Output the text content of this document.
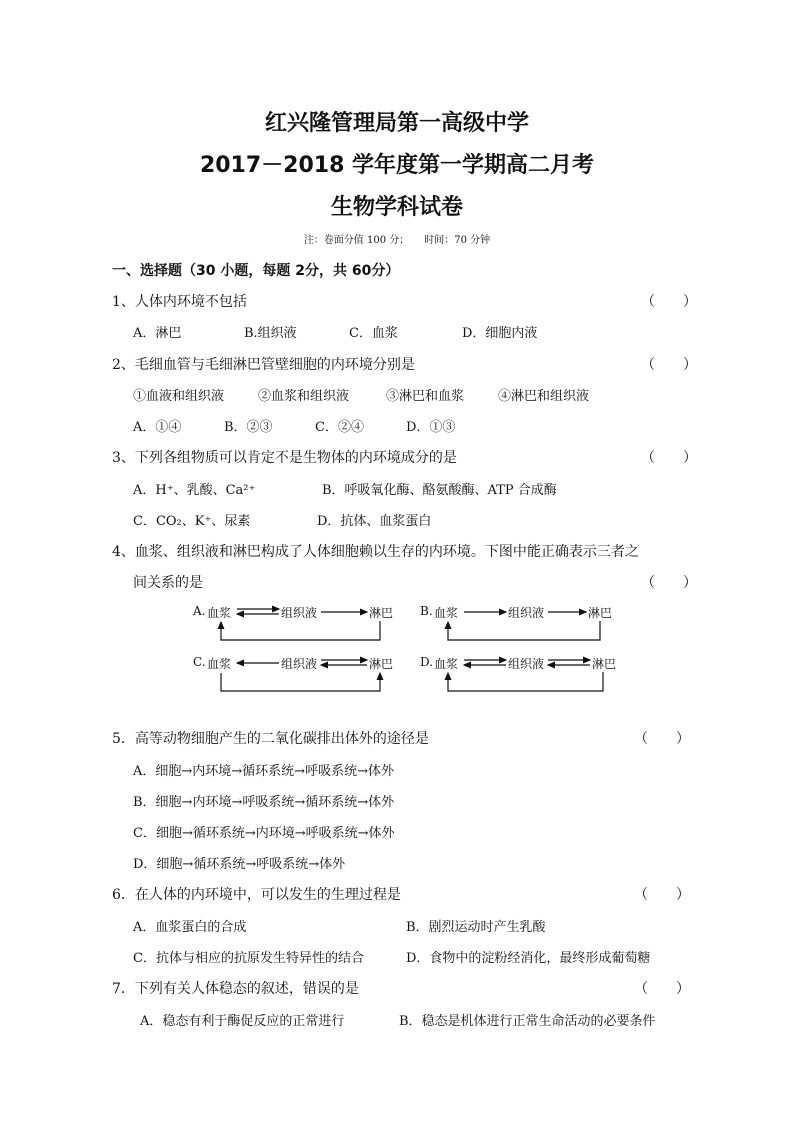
红兴隆管理局第一高级中学
2017－2018 学年度第一学期高二月考
生物学科试卷
注：卷面分值 100 分；　　时间：70 分钟
一、选择题（30 小题，每题 2分，共 60分）
1、人体内环境不包括	（　　）
A．淋巴	B.组织液	C．血浆	D．细胞内液
2、毛细血管与毛细淋巴管壁细胞的内环境分别是	（　　）
①血液和组织液	②血浆和组织液	③淋巴和血浆	④淋巴和组织液
A．①④	B．②③	C．②④	D．①③
3、下列各组物质可以肯定不是生物体的内环境成分的是	（　　）
A．H⁺、乳酸、Ca²⁺	B．呼吸氧化酶、酪氨酸酶、ATP 合成酶
C．CO₂、K⁺、尿素	D．抗体、血浆蛋白
4、血浆、组织液和淋巴构成了人体细胞赖以生存的内环境。下图中能正确表示三者之
间关系的是	（　　）
A. 血浆	组织液	淋巴 B. 血浆	组织液	淋巴
C. 血浆	组织液	淋巴 D. 血浆	组织液	淋巴
5．高等动物细胞产生的二氧化碳排出体外的途径是	（　　）
A．细胞→内环境→循环系统→呼吸系统→体外
B．细胞→内环境→呼吸系统→循环系统→体外
C．细胞→循环系统→内环境→呼吸系统→体外
D．细胞→循环系统→呼吸系统→体外
6．在人体的内环境中，可以发生的生理过程是	（　　）
A．血浆蛋白的合成	B．剧烈运动时产生乳酸
C．抗体与相应的抗原发生特异性的结合	D．食物中的淀粉经消化，最终形成葡萄糖
7．下列有关人体稳态的叙述，错误的是	（　　）
A．稳态有利于酶促反应的正常进行	B．稳态是机体进行正常生命活动的必要条件
